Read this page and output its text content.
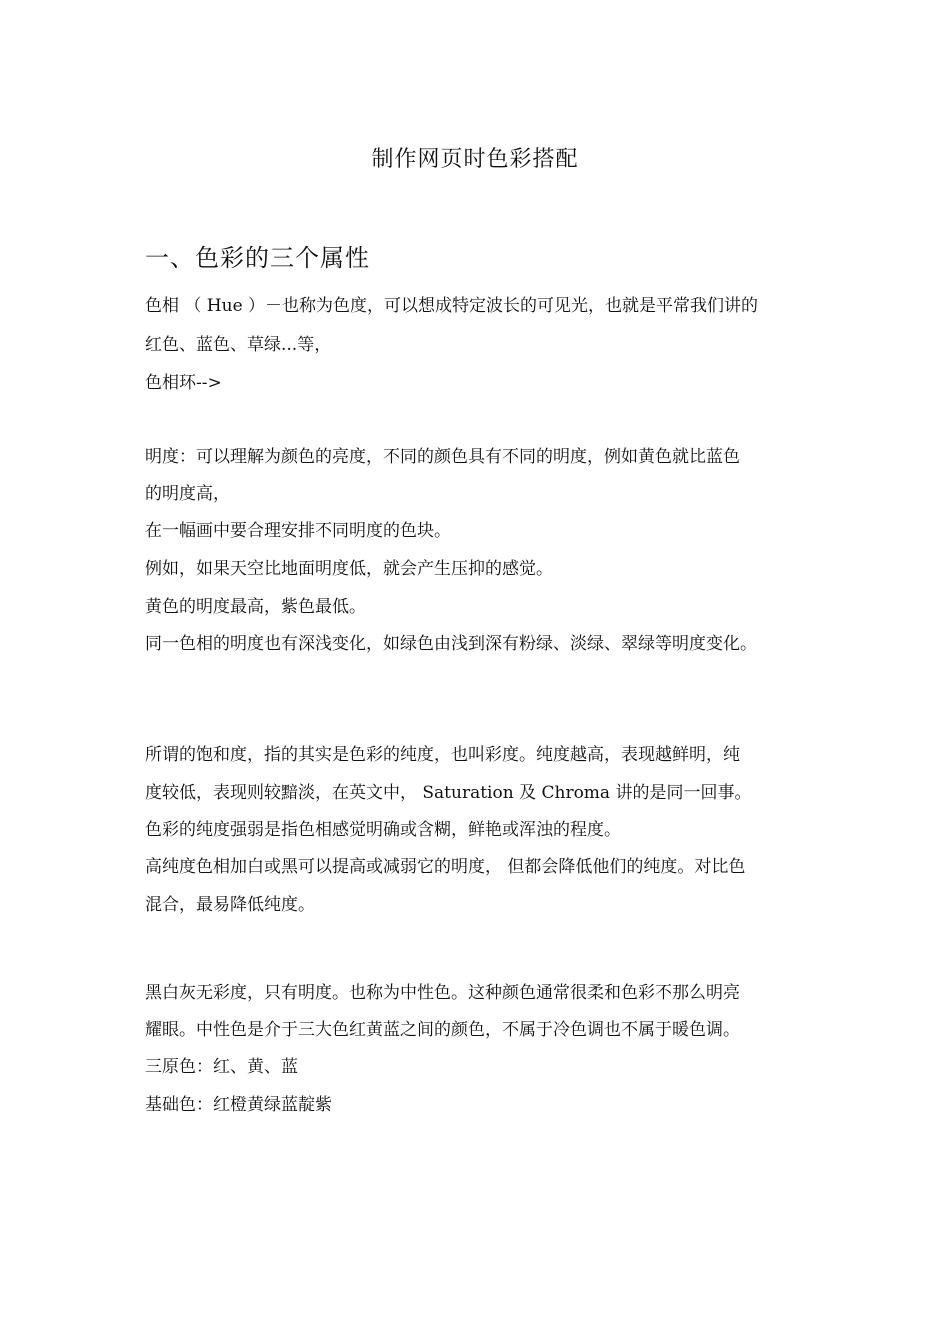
制作网页时色彩搭配
一、色彩的三个属性
色相 （ Hue ）－也称为色度，可以想成特定波长的可见光，也就是平常我们讲的
红色、蓝色、草绿...等，
色相环-->
明度：可以理解为颜色的亮度，不同的颜色具有不同的明度，例如黄色就比蓝色
的明度高，
在一幅画中要合理安排不同明度的色块。
例如，如果天空比地面明度低，就会产生压抑的感觉。
黄色的明度最高，紫色最低。
同一色相的明度也有深浅变化，如绿色由浅到深有粉绿、淡绿、翠绿等明度变化。
所谓的饱和度，指的其实是色彩的纯度，也叫彩度。纯度越高，表现越鲜明，纯
度较低，表现则较黯淡，在英文中， Saturation 及 Chroma 讲的是同一回事。
色彩的纯度强弱是指色相感觉明确或含糊，鲜艳或浑浊的程度。
高纯度色相加白或黑可以提高或减弱它的明度， 但都会降低他们的纯度。对比色
混合，最易降低纯度。
黑白灰无彩度，只有明度。也称为中性色。这种颜色通常很柔和色彩不那么明亮
耀眼。中性色是介于三大色红黄蓝之间的颜色，不属于冷色调也不属于暖色调。
三原色：红、黄、蓝
基础色：红橙黄绿蓝靛紫
